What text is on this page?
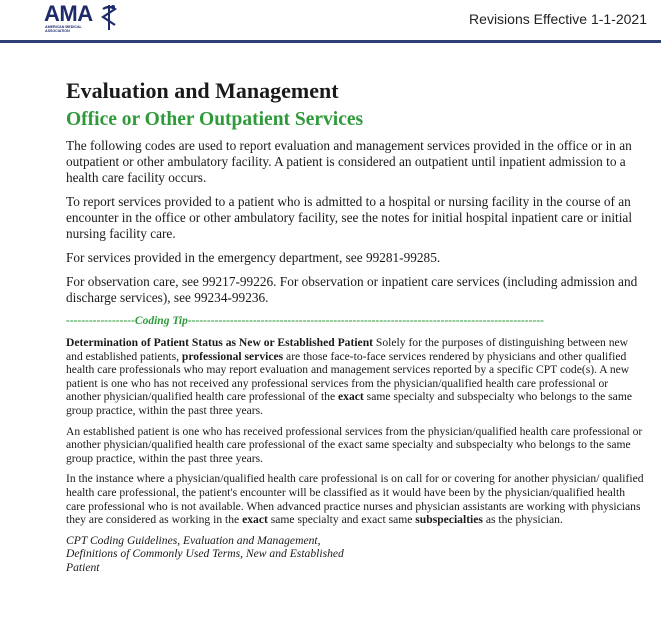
AMA
AMERICAN MEDICAL ASSOCIATION
Revisions Effective 1-1-2021
Evaluation and Management
Office or Other Outpatient Services

The following codes are used to report evaluation and management services provided in the office or in an outpatient or other ambulatory facility. A patient is considered an outpatient until inpatient admission to a health care facility occurs.

To report services provided to a patient who is admitted to a hospital or nursing facility in the course of an encounter in the office or other ambulatory facility, see the notes for initial hospital inpatient care or initial nursing facility care.

For services provided in the emergency department, see 99281-99285.

For observation care, see 99217-99226. For observation or inpatient care services (including admission and discharge services), see 99234-99236.

------------------Coding Tip---------------------------------------------------------------------------------------------

Determination of Patient Status as New or Established Patient Solely for the purposes of distinguishing between new and established patients, professional services are those face-to-face services rendered by physicians and other qualified health care professionals who may report evaluation and management services reported by a specific CPT code(s). A new patient is one who has not received any professional services from the physician/qualified health care professional or another physician/qualified health care professional of the exact same specialty and subspecialty who belongs to the same group practice, within the past three years.

An established patient is one who has received professional services from the physician/qualified health care professional or another physician/qualified health care professional of the exact same specialty and subspecialty who belongs to the same group practice, within the past three years.

In the instance where a physician/qualified health care professional is on call for or covering for another physician/ qualified health care professional, the patient's encounter will be classified as it would have been by the physician/qualified health care professional who is not available. When advanced practice nurses and physician assistants are working with physicians they are considered as working in the exact same specialty and exact same subspecialties as the physician.

CPT Coding Guidelines, Evaluation and Management,
Definitions of Commonly Used Terms, New and Established
Patient
